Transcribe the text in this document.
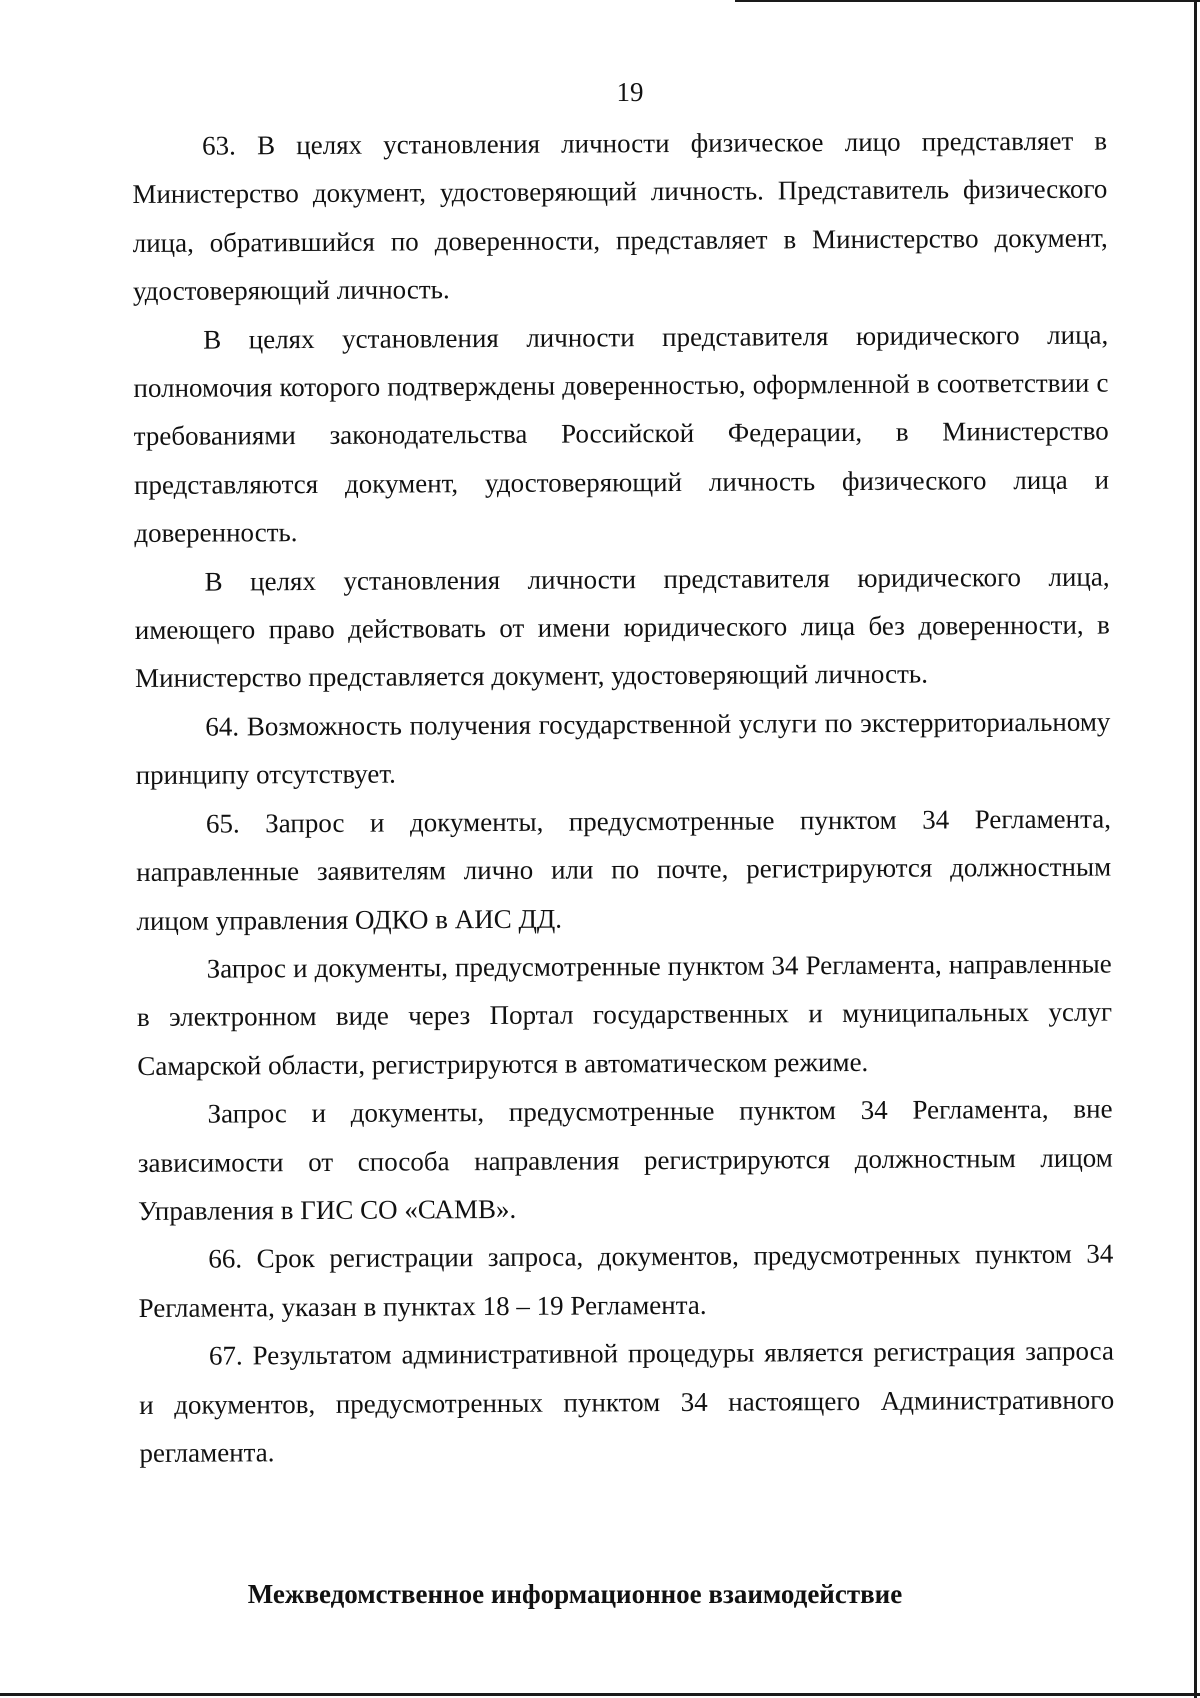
19

63. В целях установления личности физическое лицо представляет в Министерство документ, удостоверяющий личность. Представитель физического лица, обратившийся по доверенности, представляет в Министерство документ, удостоверяющий личность.

В целях установления личности представителя юридического лица, полномочия которого подтверждены доверенностью, оформленной в соответствии с требованиями законодательства Российской Федерации, в Министерство представляются документ, удостоверяющий личность физического лица и доверенность.

В целях установления личности представителя юридического лица, имеющего право действовать от имени юридического лица без доверенности, в Министерство представляется документ, удостоверяющий личность.

64. Возможность получения государственной услуги по экстерриториальному принципу отсутствует.

65. Запрос и документы, предусмотренные пунктом 34 Регламента, направленные заявителям лично или по почте, регистрируются должностным лицом управления ОДКО в АИС ДД.

Запрос и документы, предусмотренные пунктом 34 Регламента, направленные в электронном виде через Портал государственных и муниципальных услуг Самарской области, регистрируются в автоматическом режиме.

Запрос и документы, предусмотренные пунктом 34 Регламента, вне зависимости от способа направления регистрируются должностным лицом Управления в ГИС СО «САМВ».

66. Срок регистрации запроса, документов, предусмотренных пунктом 34 Регламента, указан в пунктах 18 – 19 Регламента.

67. Результатом административной процедуры является регистрация запроса и документов, предусмотренных пунктом 34 настоящего Административного регламента.

Межведомственное информационное взаимодействие
